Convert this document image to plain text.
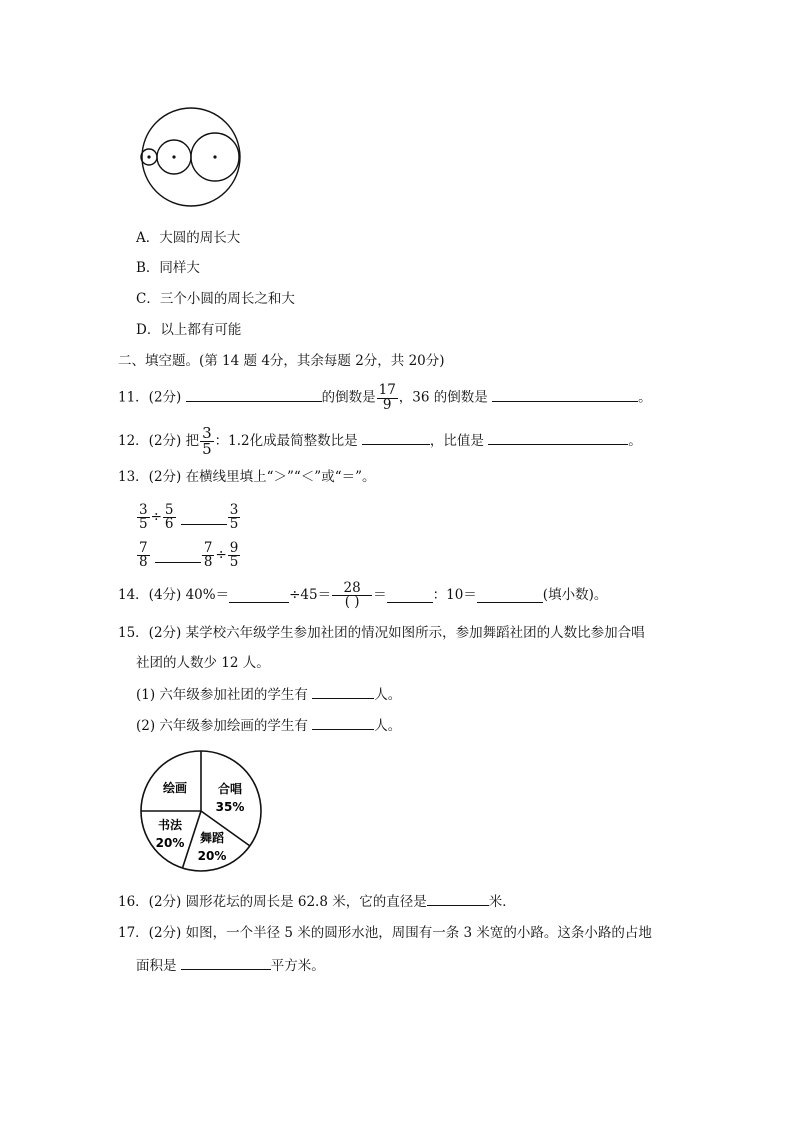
A．大圆的周长大
B．同样大
C．三个小圆的周长之和大
D．以上都有可能
二、填空题。(第 14 题 4分，其余每题 2分，共 20分)
11．(2分)	的倒数是 $\frac{17}{9}$ ，36 的倒数是	。
12．(2分) 把 $\frac{3}{5}$ ：1.2化成最简整数比是	，比值是	。
13．(2分) 在横线里填上“＞”“＜”或“＝”。
$\frac{3}{5} \div \frac{5}{6}$
	$\frac{3}{5}$
$\frac{7}{8}$
	$\frac{7}{8} \div \frac{9}{5}$
14．(4分) 40%＝	$\div 45= \frac{28}{( )}$ ＝	：10＝	(填小数)。
15．(2分) 某学校六年级学生参加社团的情况如图所示，参加舞蹈社团的人数比参加合唱
社团的人数少 12 人。
(1) 六年级参加社团的学生有	人。
(2) 六年级参加绘画的学生有	人。
绘画	合唱
35%
书法
20% 舞蹈
20%
16．(2分) 圆形花坛的周长是 62.8 米，它的直径是	米．
17．(2分) 如图，一个半径 5 米的圆形水池，周围有一条 3 米宽的小路。这条小路的占地
面积是	平方米。
